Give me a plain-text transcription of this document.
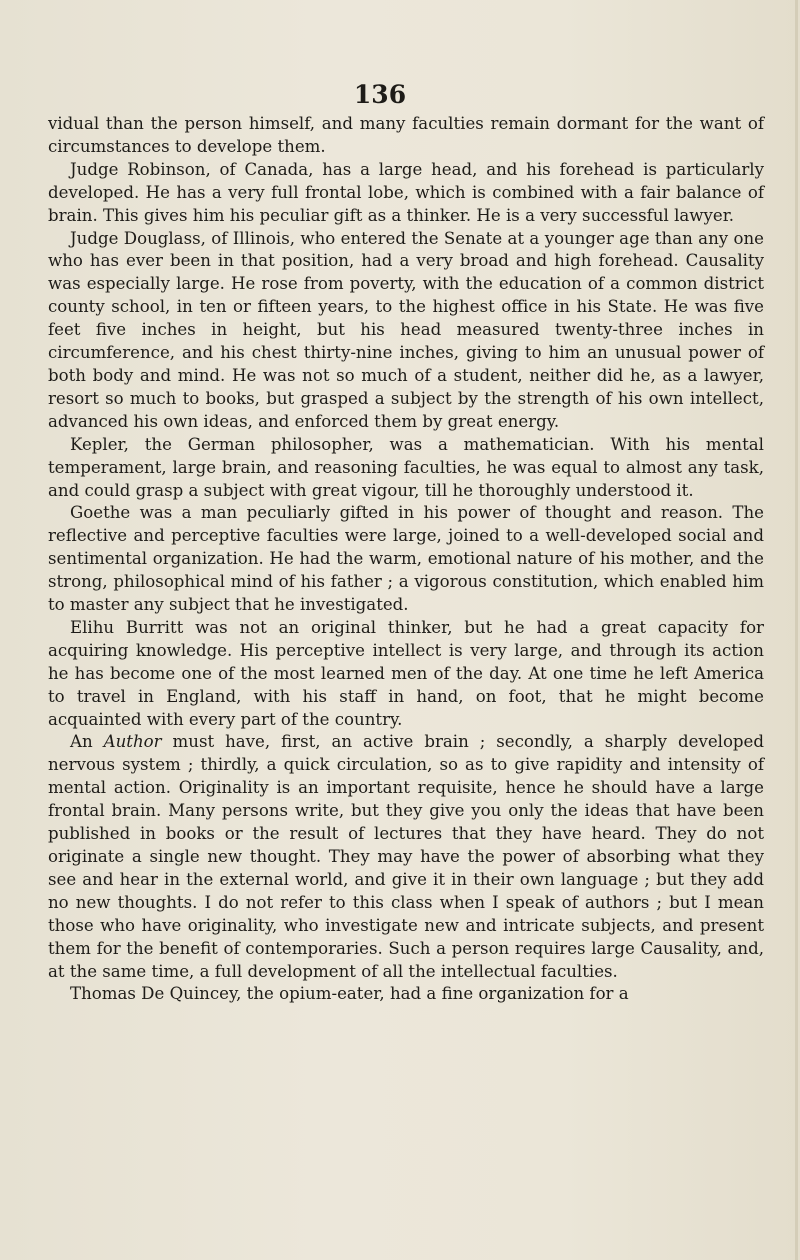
136

vidual than the person himself, and many faculties remain dormant for the want of circumstances to develope them.

Judge Robinson, of Canada, has a large head, and his forehead is particularly developed. He has a very full frontal lobe, which is combined with a fair balance of brain. This gives him his peculiar gift as a thinker. He is a very successful lawyer.

Judge Douglass, of Illinois, who entered the Senate at a younger age than any one who has ever been in that position, had a very broad and high forehead. Causality was especially large. He rose from poverty, with the education of a common district county school, in ten or fifteen years, to the highest office in his State. He was five feet five inches in height, but his head measured twenty-three inches in circumference, and his chest thirty-nine inches, giving to him an unusual power of both body and mind. He was not so much of a student, neither did he, as a lawyer, resort so much to books, but grasped a subject by the strength of his own intellect, advanced his own ideas, and enforced them by great energy.

Kepler, the German philosopher, was a mathematician. With his mental temperament, large brain, and reasoning faculties, he was equal to almost any task, and could grasp a subject with great vigour, till he thoroughly understood it.

Goethe was a man peculiarly gifted in his power of thought and reason. The reflective and perceptive faculties were large, joined to a well-developed social and sentimental organization. He had the warm, emotional nature of his mother, and the strong, philosophical mind of his father ; a vigorous constitution, which enabled him to master any subject that he investigated.

Elihu Burritt was not an original thinker, but he had a great capacity for acquiring knowledge. His perceptive intellect is very large, and through its action he has become one of the most learned men of the day. At one time he left America to travel in England, with his staff in hand, on foot, that he might become acquainted with every part of the country.

An Author must have, first, an active brain ; secondly, a sharply developed nervous system ; thirdly, a quick circulation, so as to give rapidity and intensity of mental action. Originality is an important requisite, hence he should have a large frontal brain. Many persons write, but they give you only the ideas that have been published in books or the result of lectures that they have heard. They do not originate a single new thought. They may have the power of absorbing what they see and hear in the external world, and give it in their own language ; but they add no new thoughts. I do not refer to this class when I speak of authors ; but I mean those who have originality, who investigate new and intricate subjects, and present them for the benefit of contemporaries. Such a person requires large Causality, and, at the same time, a full development of all the intellectual faculties.

Thomas De Quincey, the opium-eater, had a fine organization for a
